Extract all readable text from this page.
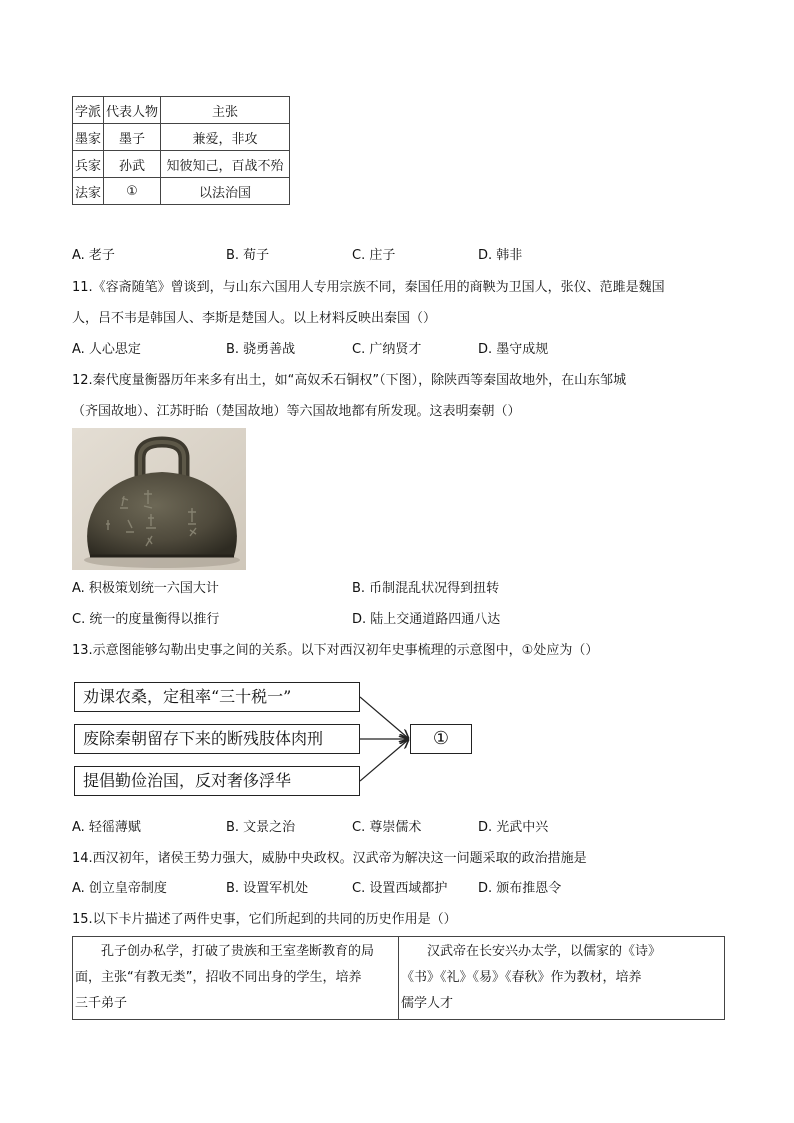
学派	代表人物	主张
墨家	墨子	兼爱，非攻
兵家	孙武	知彼知己，百战不殆
法家	①	以法治国
A. 老子	B. 荀子	C. 庄子	D. 韩非
11.《容斋随笔》曾谈到，与山东六国用人专用宗族不同，秦国任用的商鞅为卫国人，张仪、范雎是魏国
人，吕不韦是韩国人、李斯是楚国人。以上材料反映出秦国（）
A. 人心思定	B. 骁勇善战	C. 广纳贤才	D. 墨守成规
12.秦代度量衡器历年来多有出土，如“高奴禾石铜权”（下图），除陕西等秦国故地外，在山东邹城
（齐国故地）、江苏盱眙（楚国故地）等六国故地都有所发现。这表明秦朝（）
A. 积极策划统一六国大计	B. 币制混乱状况得到扭转
C. 统一的度量衡得以推行	D. 陆上交通道路四通八达
13.示意图能够勾勒出史事之间的关系。以下对西汉初年史事梳理的示意图中，①处应为（）
劝课农桑，定租率“三十税一”
废除秦朝留存下来的断残肢体肉刑
提倡勤俭治国，反对奢侈浮华
①
A. 轻徭薄赋	B. 文景之治	C. 尊崇儒术	D. 光武中兴
14.西汉初年，诸侯王势力强大，威胁中央政权。汉武帝为解决这一问题采取的政治措施是
A. 创立皇帝制度	B. 设置军机处	C. 设置西域都护 D. 颁布推恩令
15.以下卡片描述了两件史事，它们所起到的共同的历史作用是（）
孔子创办私学，打破了贵族和王室垄断教育的局
面，主张“有教无类”，招收不同出身的学生，培养
三千弟子	汉武帝在长安兴办太学，以儒家的《诗》
《书》《礼》《易》《春秋》作为教材，培养
儒学人才
